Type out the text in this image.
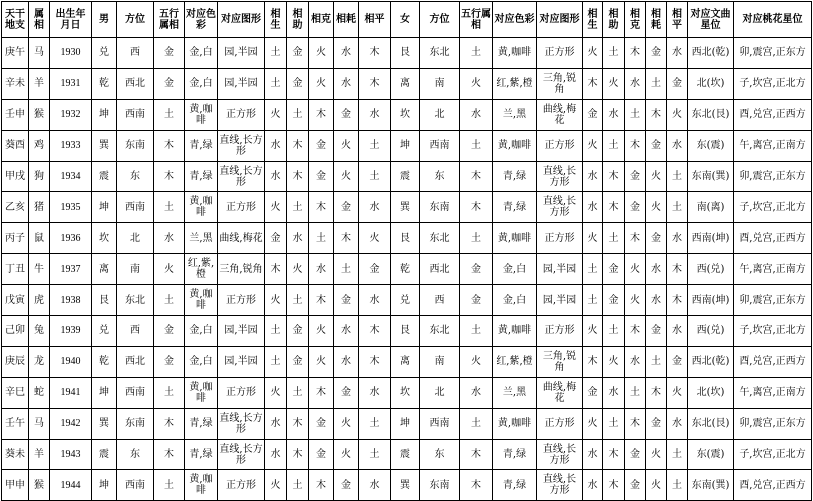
天干地支	属相	出生年月日	男	方位	五行属相	对应色彩	对应图形	相生	相助	相克	相耗	相平	女	方位	五行属相	对应色彩	对应图形	相生	相助	相克	相耗	相平	对应文曲星位	对应桃花星位
庚午	马	1930	兑	西	金	金,白	园,半园	土	金	火	水	木	艮	东北	土	黄,咖啡	正方形	火	土	木	金	水	西北(乾)	卯,震宫,正东方
辛未	羊	1931	乾	西北	金	金,白	园,半园	土	金	火	水	木	离	南	火	红,紫,橙	三角,锐角	木	火	水	土	金	北(坎)	子,坎宫,正北方
壬申	猴	1932	坤	西南	土	黄,咖啡	正方形	火	土	木	金	水	坎	北	水	兰,黑	曲线,梅花	金	水	土	木	火	东北(艮)	酉,兑宫,正西方
葵酉	鸡	1933	巽	东南	木	青,绿	直线,长方形	水	木	金	火	土	坤	西南	土	黄,咖啡	正方形	火	土	木	金	水	东(震)	午,离宫,正南方
甲戌	狗	1934	震	东	木	青,绿	直线,长方形	水	木	金	火	土	震	东	木	青,绿	直线,长方形	水	木	金	火	土	东南(巽)	卯,震宫,正东方
乙亥	猪	1935	坤	西南	土	黄,咖啡	正方形	火	土	木	金	水	巽	东南	木	青,绿	直线,长方形	水	木	金	火	土	南(离)	子,坎宫,正北方
丙子	鼠	1936	坎	北	水	兰,黑	曲线,梅花	金	水	土	木	火	艮	东北	土	黄,咖啡	正方形	火	土	木	金	水	西南(坤)	酉,兑宫,正西方
丁丑	牛	1937	离	南	火	红,紫,橙	三角,锐角	木	火	水	土	金	乾	西北	金	金,白	园,半园	土	金	火	水	木	西(兑)	午,离宫,正南方
戊寅	虎	1938	艮	东北	土	黄,咖啡	正方形	火	土	木	金	水	兑	西	金	金,白	园,半园	土	金	火	水	木	西南(坤)	卯,震宫,正东方
己卯	兔	1939	兑	西	金	金,白	园,半园	土	金	火	水	木	艮	东北	土	黄,咖啡	正方形	火	土	木	金	水	西(兑)	子,坎宫,正北方
庚辰	龙	1940	乾	西北	金	金,白	园,半园	土	金	火	水	木	离	南	火	红,紫,橙	三角,锐角	木	火	水	土	金	西北(乾)	酉,兑宫,正西方
辛巳	蛇	1941	坤	西南	土	黄,咖啡	正方形	火	土	木	金	水	坎	北	水	兰,黑	曲线,梅花	金	水	土	木	火	北(坎)	午,离宫,正南方
壬午	马	1942	巽	东南	木	青,绿	直线,长方形	水	木	金	火	土	坤	西南	土	黄,咖啡	正方形	火	土	木	金	水	东北(艮)	卯,震宫,正东方
葵未	羊	1943	震	东	木	青,绿	直线,长方形	水	木	金	火	土	震	东	木	青,绿	直线,长方形	水	木	金	火	土	东(震)	子,坎宫,正北方
甲申	猴	1944	坤	西南	土	黄,咖啡	正方形	火	土	木	金	水	巽	东南	木	青,绿	直线,长方形	水	木	金	火	土	东南(巽)	酉,兑宫,正西方
